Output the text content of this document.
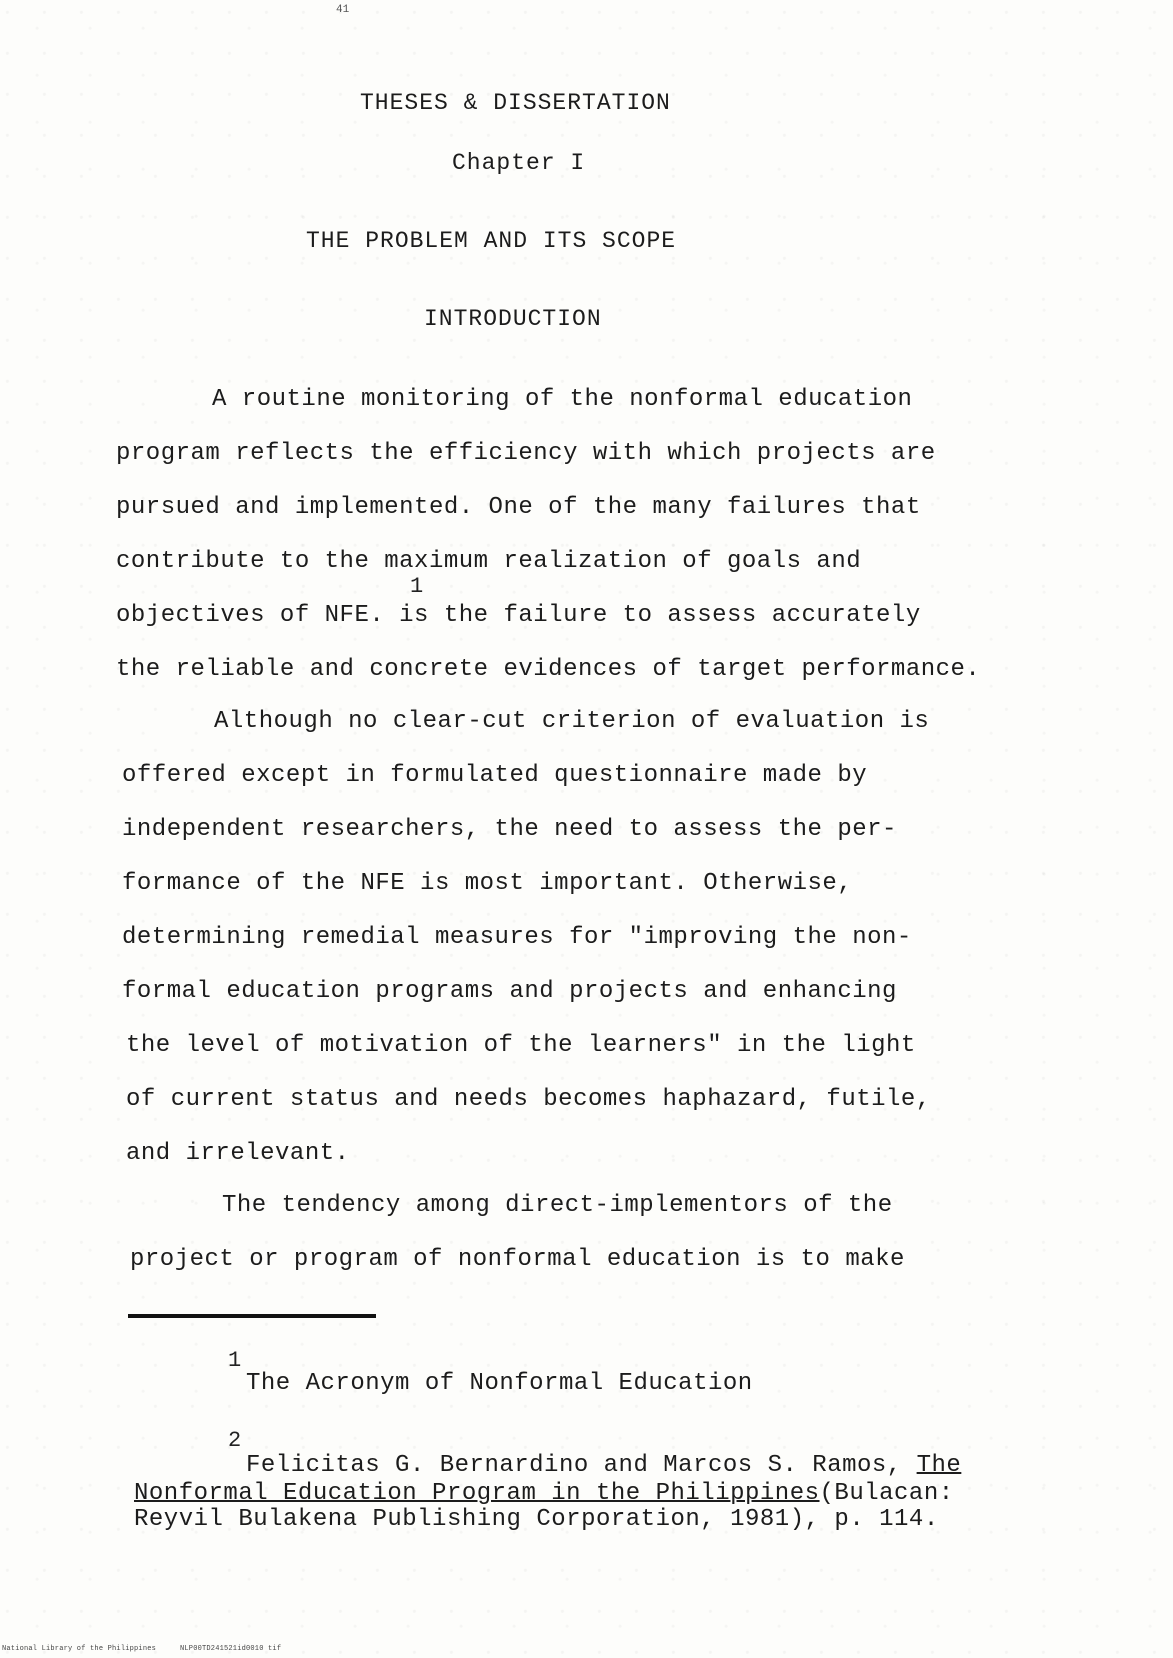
41
THESES & DISSERTATION
Chapter I
THE PROBLEM AND ITS SCOPE
INTRODUCTION
A routine monitoring of the nonformal education
program reflects the efficiency with which projects are
pursued and implemented. One of the many failures that
contribute to the maximum realization of goals and
1
objectives of NFE. is the failure to assess accurately
the reliable and concrete evidences of target performance.
Although no clear-cut criterion of evaluation is
offered except in formulated questionnaire made by
independent researchers, the need to assess the per-
formance of the NFE is most important. Otherwise,
determining remedial measures for "improving the non-
formal education programs and projects and enhancing
the level of motivation of the learners" in the light
of current status and needs becomes haphazard, futile,
and irrelevant.
The tendency among direct-implementors of the
project or program of nonformal education is to make
1
The Acronym of Nonformal Education
2
Felicitas G. Bernardino and Marcos S. Ramos, The
Nonformal Education Program in the Philippines(Bulacan:
Reyvil Bulakena Publishing Corporation, 1981), p. 114.
National Library of the Philippines	NLP00TD241521id0010 tif
